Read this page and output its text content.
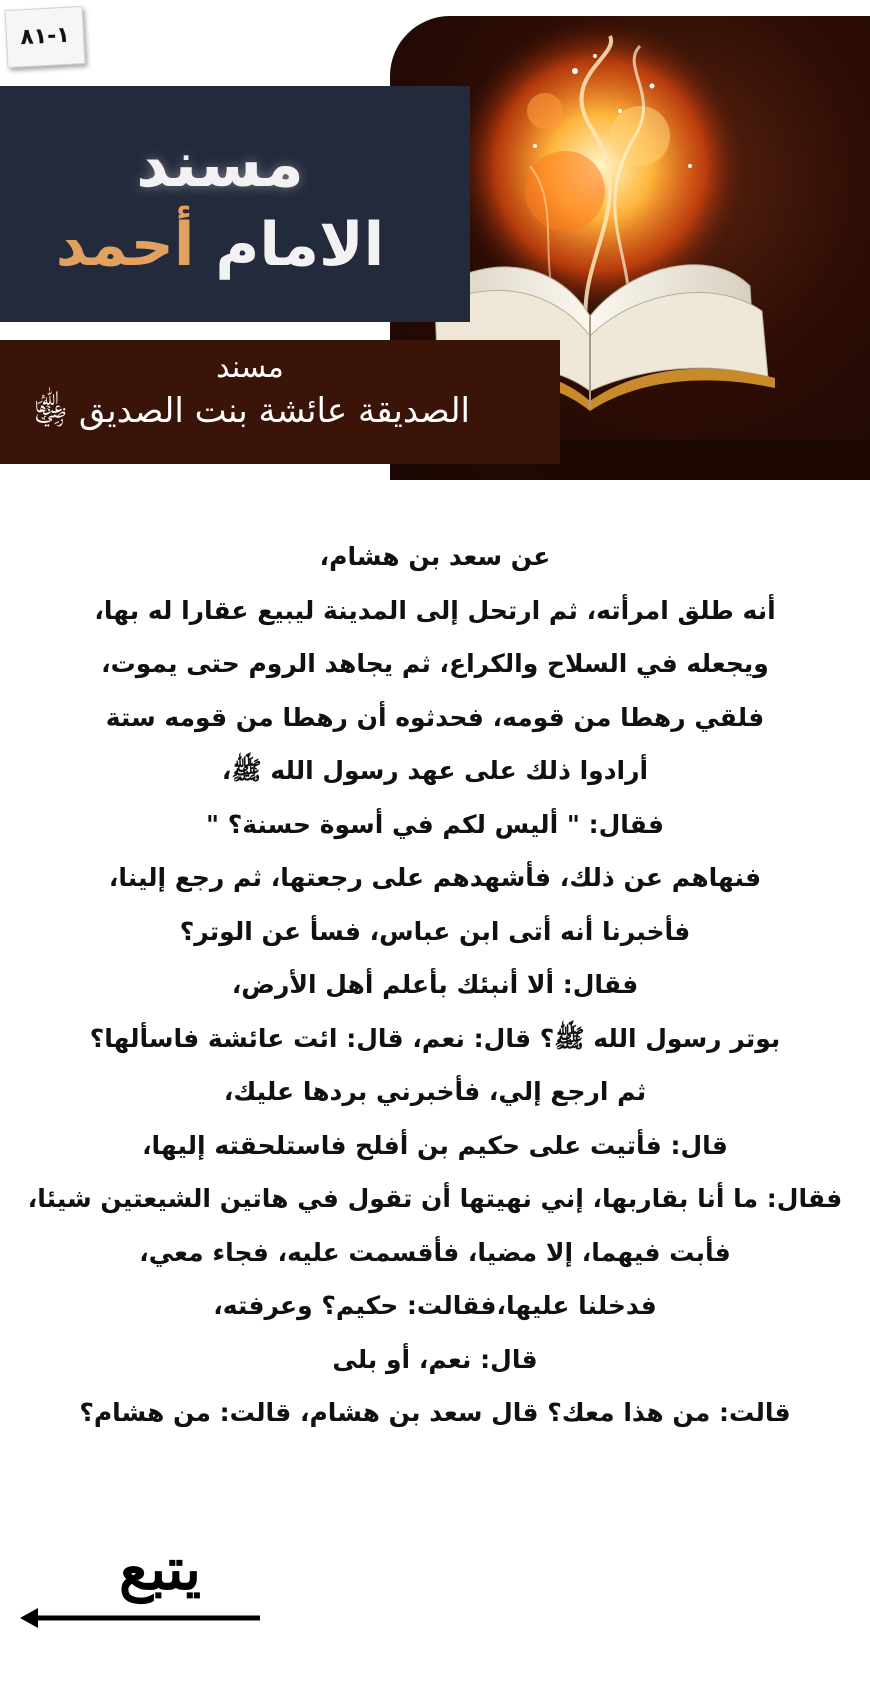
مسند
الامام أحمد
مسند
الصديقة عائشة بنت الصديق ﵂
١-٨١
عن سعد بن هشام،
أنه طلق امرأته، ثم ارتحل إلى المدينة ليبيع عقارا له بها،
ويجعله في السلاح والكراع، ثم يجاهد الروم حتى يموت،
فلقي رهطا من قومه، فحدثوه أن رهطا من قومه ستة
أرادوا ذلك على عهد رسول الله ﷺ،
فقال: " أليس لكم في أسوة حسنة؟ "
فنهاهم عن ذلك، فأشهدهم على رجعتها، ثم رجع إلينا،
فأخبرنا أنه أتى ابن عباس، فسأ عن الوتر؟
فقال: ألا أنبئك بأعلم أهل الأرض،
بوتر رسول الله ﷺ؟ قال: نعم، قال: ائت عائشة فاسألها؟
ثم ارجع إلي، فأخبرني بردها عليك،
قال: فأتيت على حكيم بن أفلح فاستلحقته إليها،
فقال: ما أنا بقاربها، إني نهيتها أن تقول في هاتين الشيعتين شيئا،
فأبت فيهما، إلا مضيا، فأقسمت عليه، فجاء معي،
فدخلنا عليها،فقالت: حكيم؟ وعرفته،
قال: نعم، أو بلى
قالت: من هذا معك؟ قال سعد بن هشام، قالت: من هشام؟
يتبع
